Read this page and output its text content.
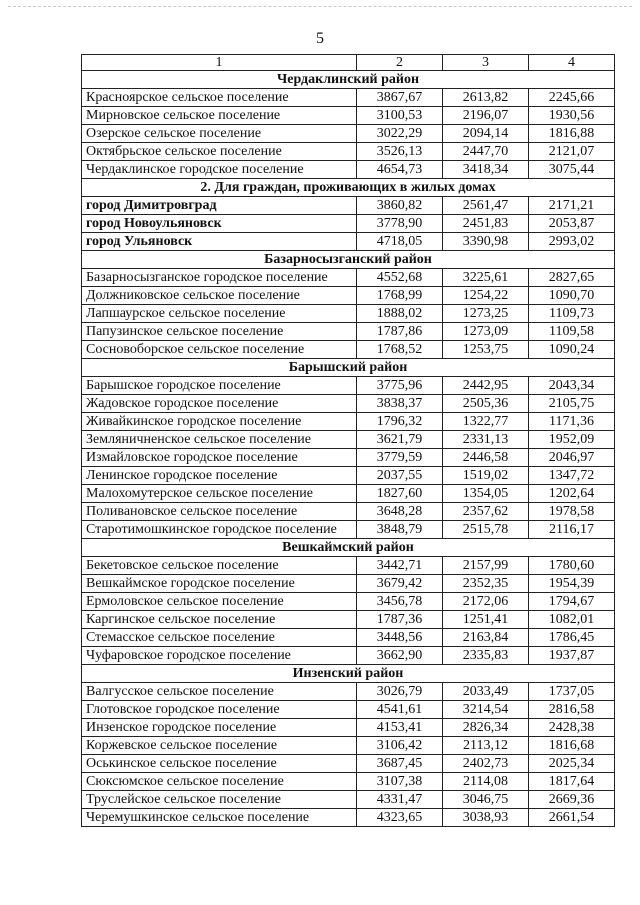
5
1	2	3	4
Чердаклинский район			
Красноярское сельское поселение	3867,67	2613,82	2245,66
Мирновское сельское поселение	3100,53	2196,07	1930,56
Озерское сельское поселение	3022,29	2094,14	1816,88
Октябрьское сельское поселение	3526,13	2447,70	2121,07
Чердаклинское городское поселение	4654,73	3418,34	3075,44
2. Для граждан, проживающих в жилых домах			
город Димитровград	3860,82	2561,47	2171,21
город Новоульяновск	3778,90	2451,83	2053,87
город Ульяновск	4718,05	3390,98	2993,02
Базарносызганский район			
Базарносызганское городское поселение	4552,68	3225,61	2827,65
Должниковское сельское поселение	1768,99	1254,22	1090,70
Лапшаурское сельское поселение	1888,02	1273,25	1109,73
Папузинское сельское поселение	1787,86	1273,09	1109,58
Сосновоборское сельское поселение	1768,52	1253,75	1090,24
Барышский район			
Барышское городское поселение	3775,96	2442,95	2043,34
Жадовское городское поселение	3838,37	2505,36	2105,75
Живайкинское городское поселение	1796,32	1322,77	1171,36
Земляничненское сельское поселение	3621,79	2331,13	1952,09
Измайловское городское поселение	3779,59	2446,58	2046,97
Ленинское городское поселение	2037,55	1519,02	1347,72
Малохомутерское сельское поселение	1827,60	1354,05	1202,64
Поливановское сельское поселение	3648,28	2357,62	1978,58
Старотимошкинское городское поселение	3848,79	2515,78	2116,17
Вешкаймский район			
Бекетовское сельское поселение	3442,71	2157,99	1780,60
Вешкаймское городское поселение	3679,42	2352,35	1954,39
Ермоловское сельское поселение	3456,78	2172,06	1794,67
Каргинское сельское поселение	1787,36	1251,41	1082,01
Стемасское сельское поселение	3448,56	2163,84	1786,45
Чуфаровское городское поселение	3662,90	2335,83	1937,87
Инзенский район			
Валгусское сельское поселение	3026,79	2033,49	1737,05
Глотовское городское поселение	4541,61	3214,54	2816,58
Инзенское городское поселение	4153,41	2826,34	2428,38
Коржевское сельское поселение	3106,42	2113,12	1816,68
Оськинское сельское поселение	3687,45	2402,73	2025,34
Сюксюмское сельское поселение	3107,38	2114,08	1817,64
Труслейское сельское поселение	4331,47	3046,75	2669,36
Черемушкинское сельское поселение	4323,65	3038,93	2661,54
